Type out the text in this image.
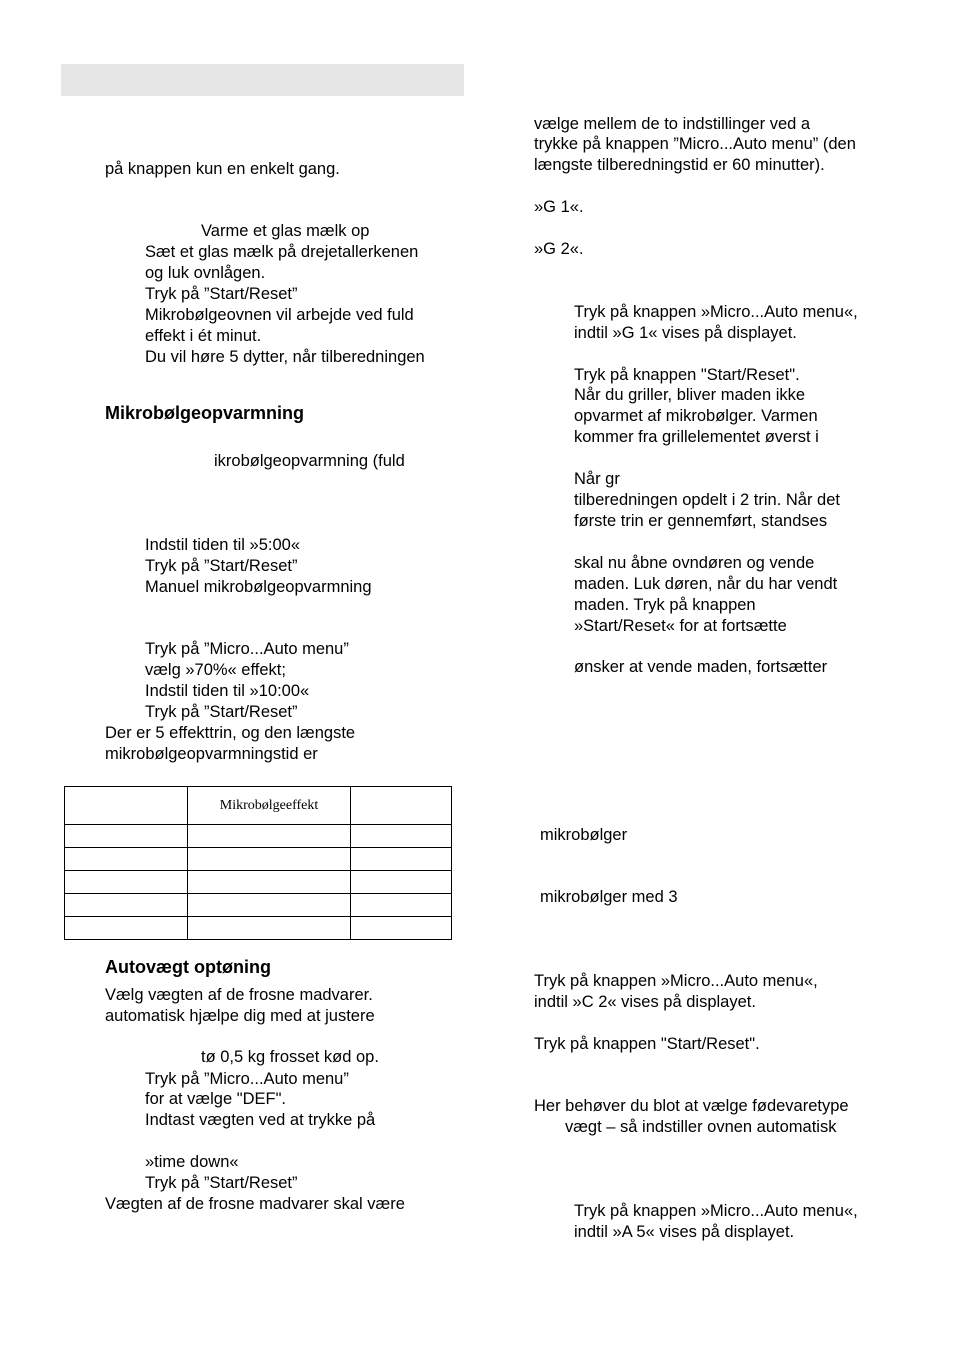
på knappen kun en enkelt gang.
Varme et glas mælk op
Sæt et glas mælk på drejetallerkenen
og luk ovnlågen.
Tryk på ”Start/Reset”
Mikrobølgeovnen vil arbejde ved fuld
effekt i ét minut.
Du vil høre 5 dytter, når tilberedningen
Mikrobølgeopvarmning
ikrobølgeopvarmning (fuld
Indstil tiden til »5:00«
Tryk på ”Start/Reset”
Manuel mikrobølgeopvarmning
Tryk på ”Micro...Auto menu”
vælg »70%« effekt;
Indstil tiden til »10:00«
Tryk på ”Start/Reset”
Der er 5 effekttrin, og den længste
mikrobølgeopvarmningstid er
	Mikrobølgeeffekt	

Autovægt optøning
Vælg vægten af de frosne madvarer.
automatisk hjælpe dig med at justere
tø 0,5 kg frosset kød op.
Tryk på ”Micro...Auto menu”
for at vælge "DEF".
Indtast vægten ved at trykke på
»time down«
Tryk på ”Start/Reset”
Vægten af de frosne madvarer skal være
vælge mellem de to indstillinger ved a
trykke på knappen ”Micro...Auto menu” (den
længste tilberedningstid er 60 minutter).
»G 1«.
»G 2«.
Tryk på knappen »Micro...Auto menu«,
indtil »G 1« vises på displayet.
Tryk på knappen "Start/Reset".
Når du griller, bliver maden ikke
opvarmet af mikrobølger. Varmen
kommer fra grillelementet øverst i
Når gr
tilberedningen opdelt i 2 trin. Når det
første trin er gennemført, standses
skal nu åbne ovndøren og vende
maden. Luk døren, når du har vendt
maden. Tryk på knappen
»Start/Reset« for at fortsætte
ønsker at vende maden, fortsætter
mikrobølger
mikrobølger med 3
Tryk på knappen »Micro...Auto menu«,
indtil »C 2« vises på displayet.
Tryk på knappen "Start/Reset".
Her behøver du blot at vælge fødevaretype
vægt – så indstiller ovnen automatisk
Tryk på knappen »Micro...Auto menu«,
indtil »A 5« vises på displayet.
